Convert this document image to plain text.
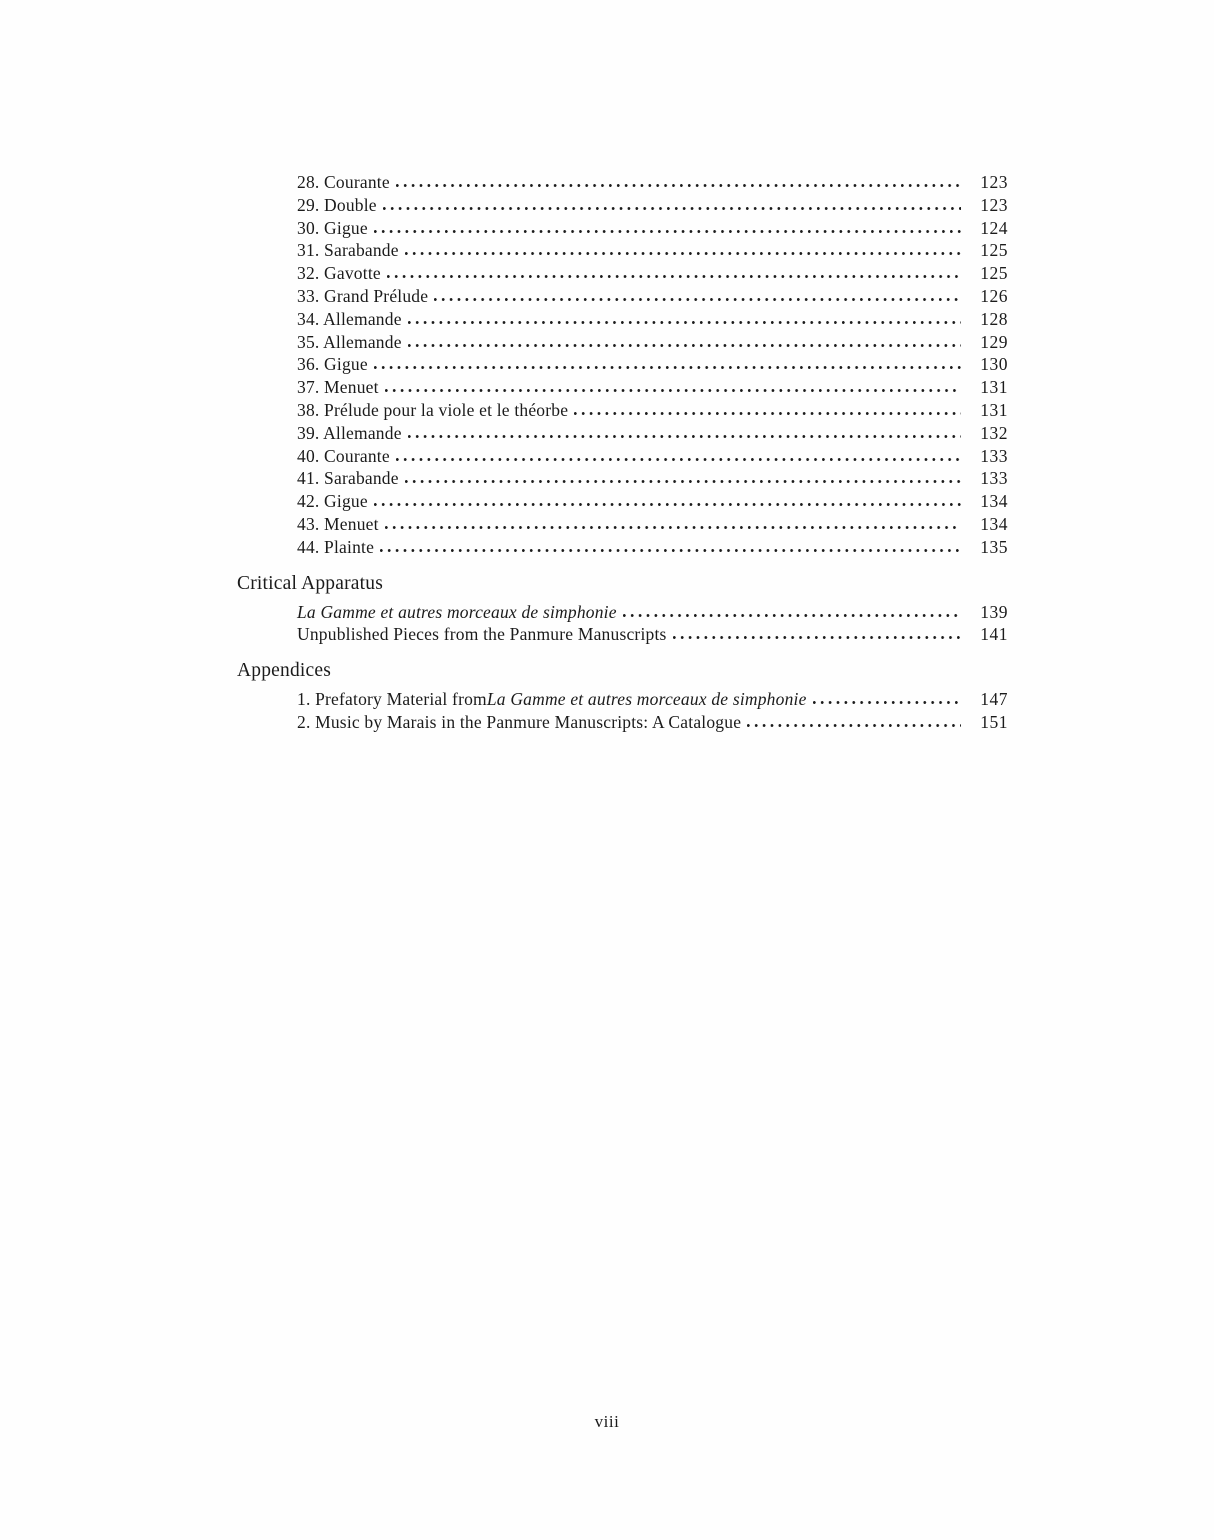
28. Courante	123
29. Double	123
30. Gigue	124
31. Sarabande	125
32. Gavotte	125
33. Grand Prélude	126
34. Allemande	128
35. Allemande	129
36. Gigue	130
37. Menuet	131
38. Prélude pour la viole et le théorbe	131
39. Allemande	132
40. Courante	133
41. Sarabande	133
42. Gigue	134
43. Menuet	134
44. Plainte	135
Critical Apparatus
La Gamme et autres morceaux de simphonie	139
Unpublished Pieces from the Panmure Manuscripts	141
Appendices
1. Prefatory Material from La Gamme et autres morceaux de simphonie	147
2. Music by Marais in the Panmure Manuscripts: A Catalogue	151
viii
